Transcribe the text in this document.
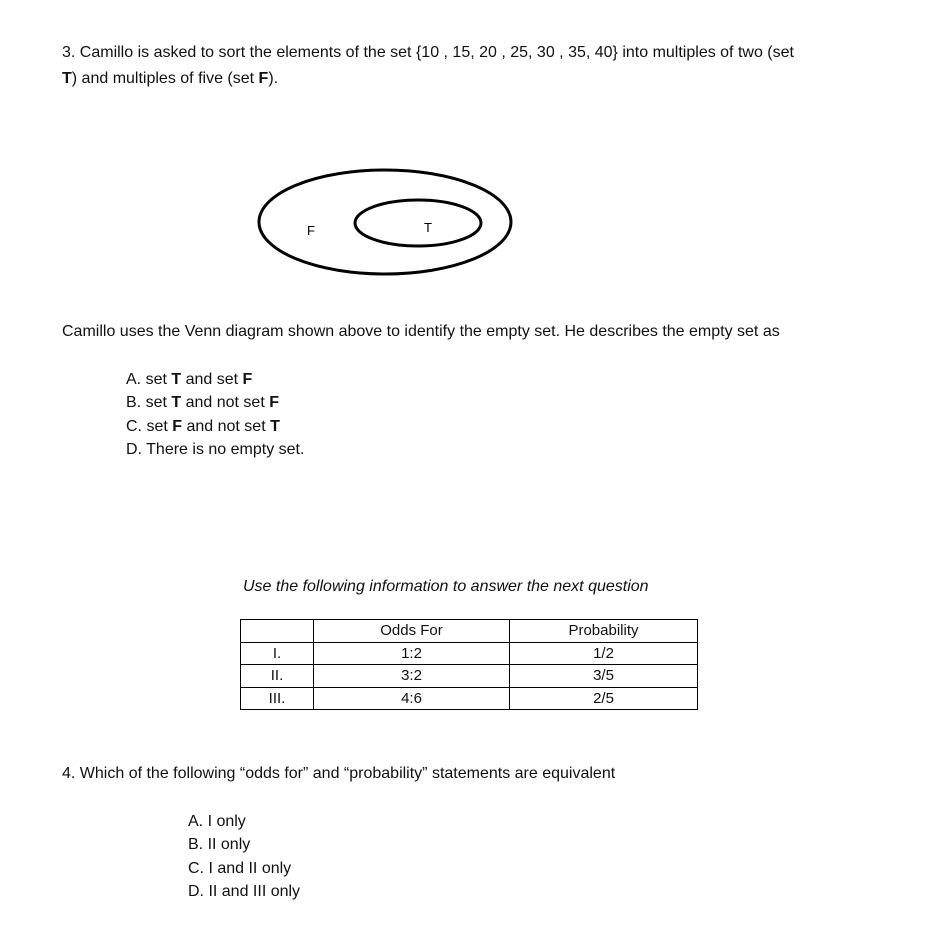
3. Camillo is asked to sort the elements of the set {10 , 15, 20 , 25, 30 , 35, 40} into multiples of two (set
T) and multiples of five (set F).

F	T

Camillo uses the Venn diagram shown above to identify the empty set. He describes the empty set as

A. set T and set F
B. set T and not set F
C. set F and not set T
D. There is no empty set.

Use the following information to answer the next question

	Odds For	Probability
I.	1:2	1/2
II.	3:2	3/5
III.	4:6	2/5

4. Which of the following “odds for” and “probability” statements are equivalent

A. I only
B. II only
C. I and II only
D. II and III only
